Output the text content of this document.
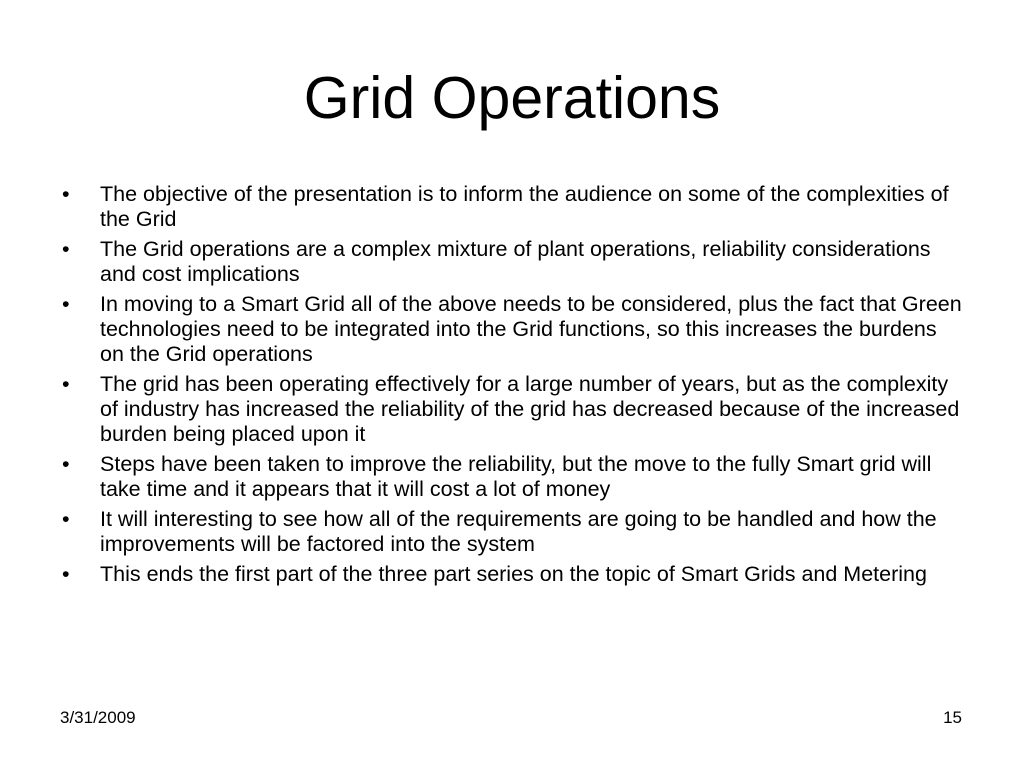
Grid Operations
•	The objective of the presentation is to inform the audience on some of the complexities of the Grid
•	The Grid operations are a complex mixture of plant operations, reliability considerations and cost implications
•	In moving to a Smart Grid all of the above needs to be considered, plus the fact that Green technologies need to be integrated into the Grid functions, so this increases the burdens on the Grid operations
•	The grid has been operating effectively for a large number of years, but as the complexity of industry has increased the reliability of the grid has decreased because of the increased burden being placed upon it
•	Steps have been taken to improve the reliability, but the move to the fully Smart grid will take time and it appears that it will cost a lot of money
•	It will interesting to see how all of the requirements are going to be handled and how the improvements will be factored into the system
•	This ends the first part of the three part series on the topic of Smart Grids and Metering
3/31/2009	15
